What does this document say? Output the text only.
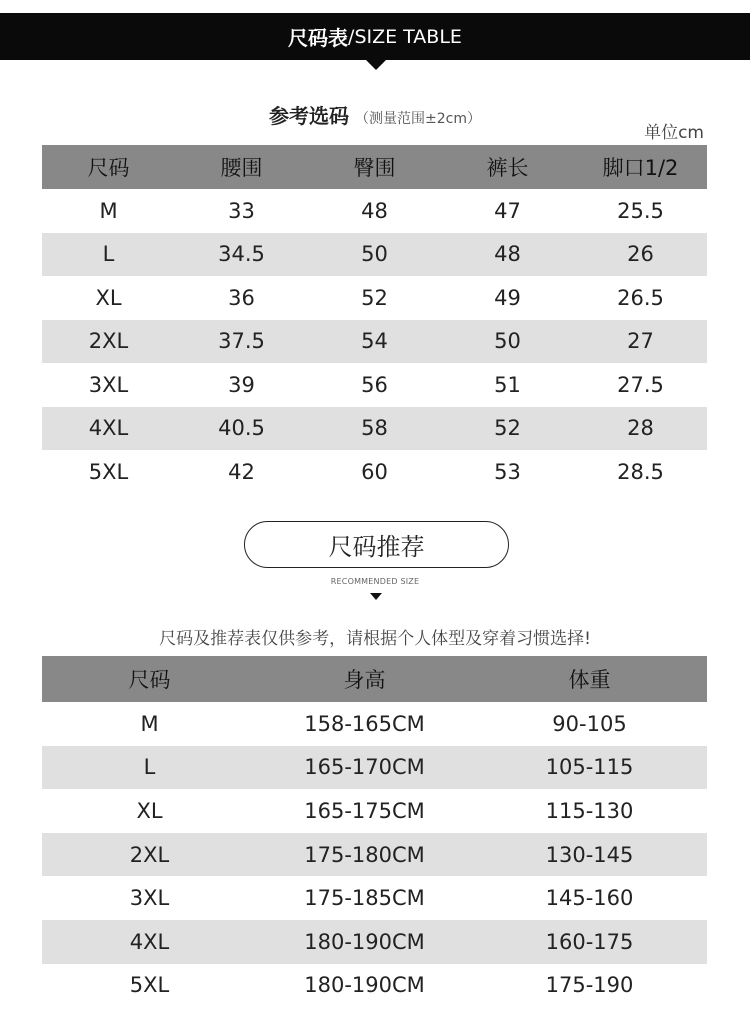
尺码表 /SIZE TABLE
参考选码 （测量范围±2cm）
单位cm
尺码	腰围	臀围	裤长	脚口1/2
M	33	48	47	25.5
L	34.5	50	48	26
XL	36	52	49	26.5
2XL	37.5	54	50	27
3XL	39	56	51	27.5
4XL	40.5	58	52	28
5XL	42	60	53	28.5
尺码推荐
RECOMMENDED SIZE
尺码及推荐表仅供参考，请根据个人体型及穿着习惯选择!
尺码	身高	体重
M	158-165CM	90-105
L	165-170CM	105-115
XL	165-175CM	115-130
2XL	175-180CM	130-145
3XL	175-185CM	145-160
4XL	180-190CM	160-175
5XL	180-190CM	175-190
